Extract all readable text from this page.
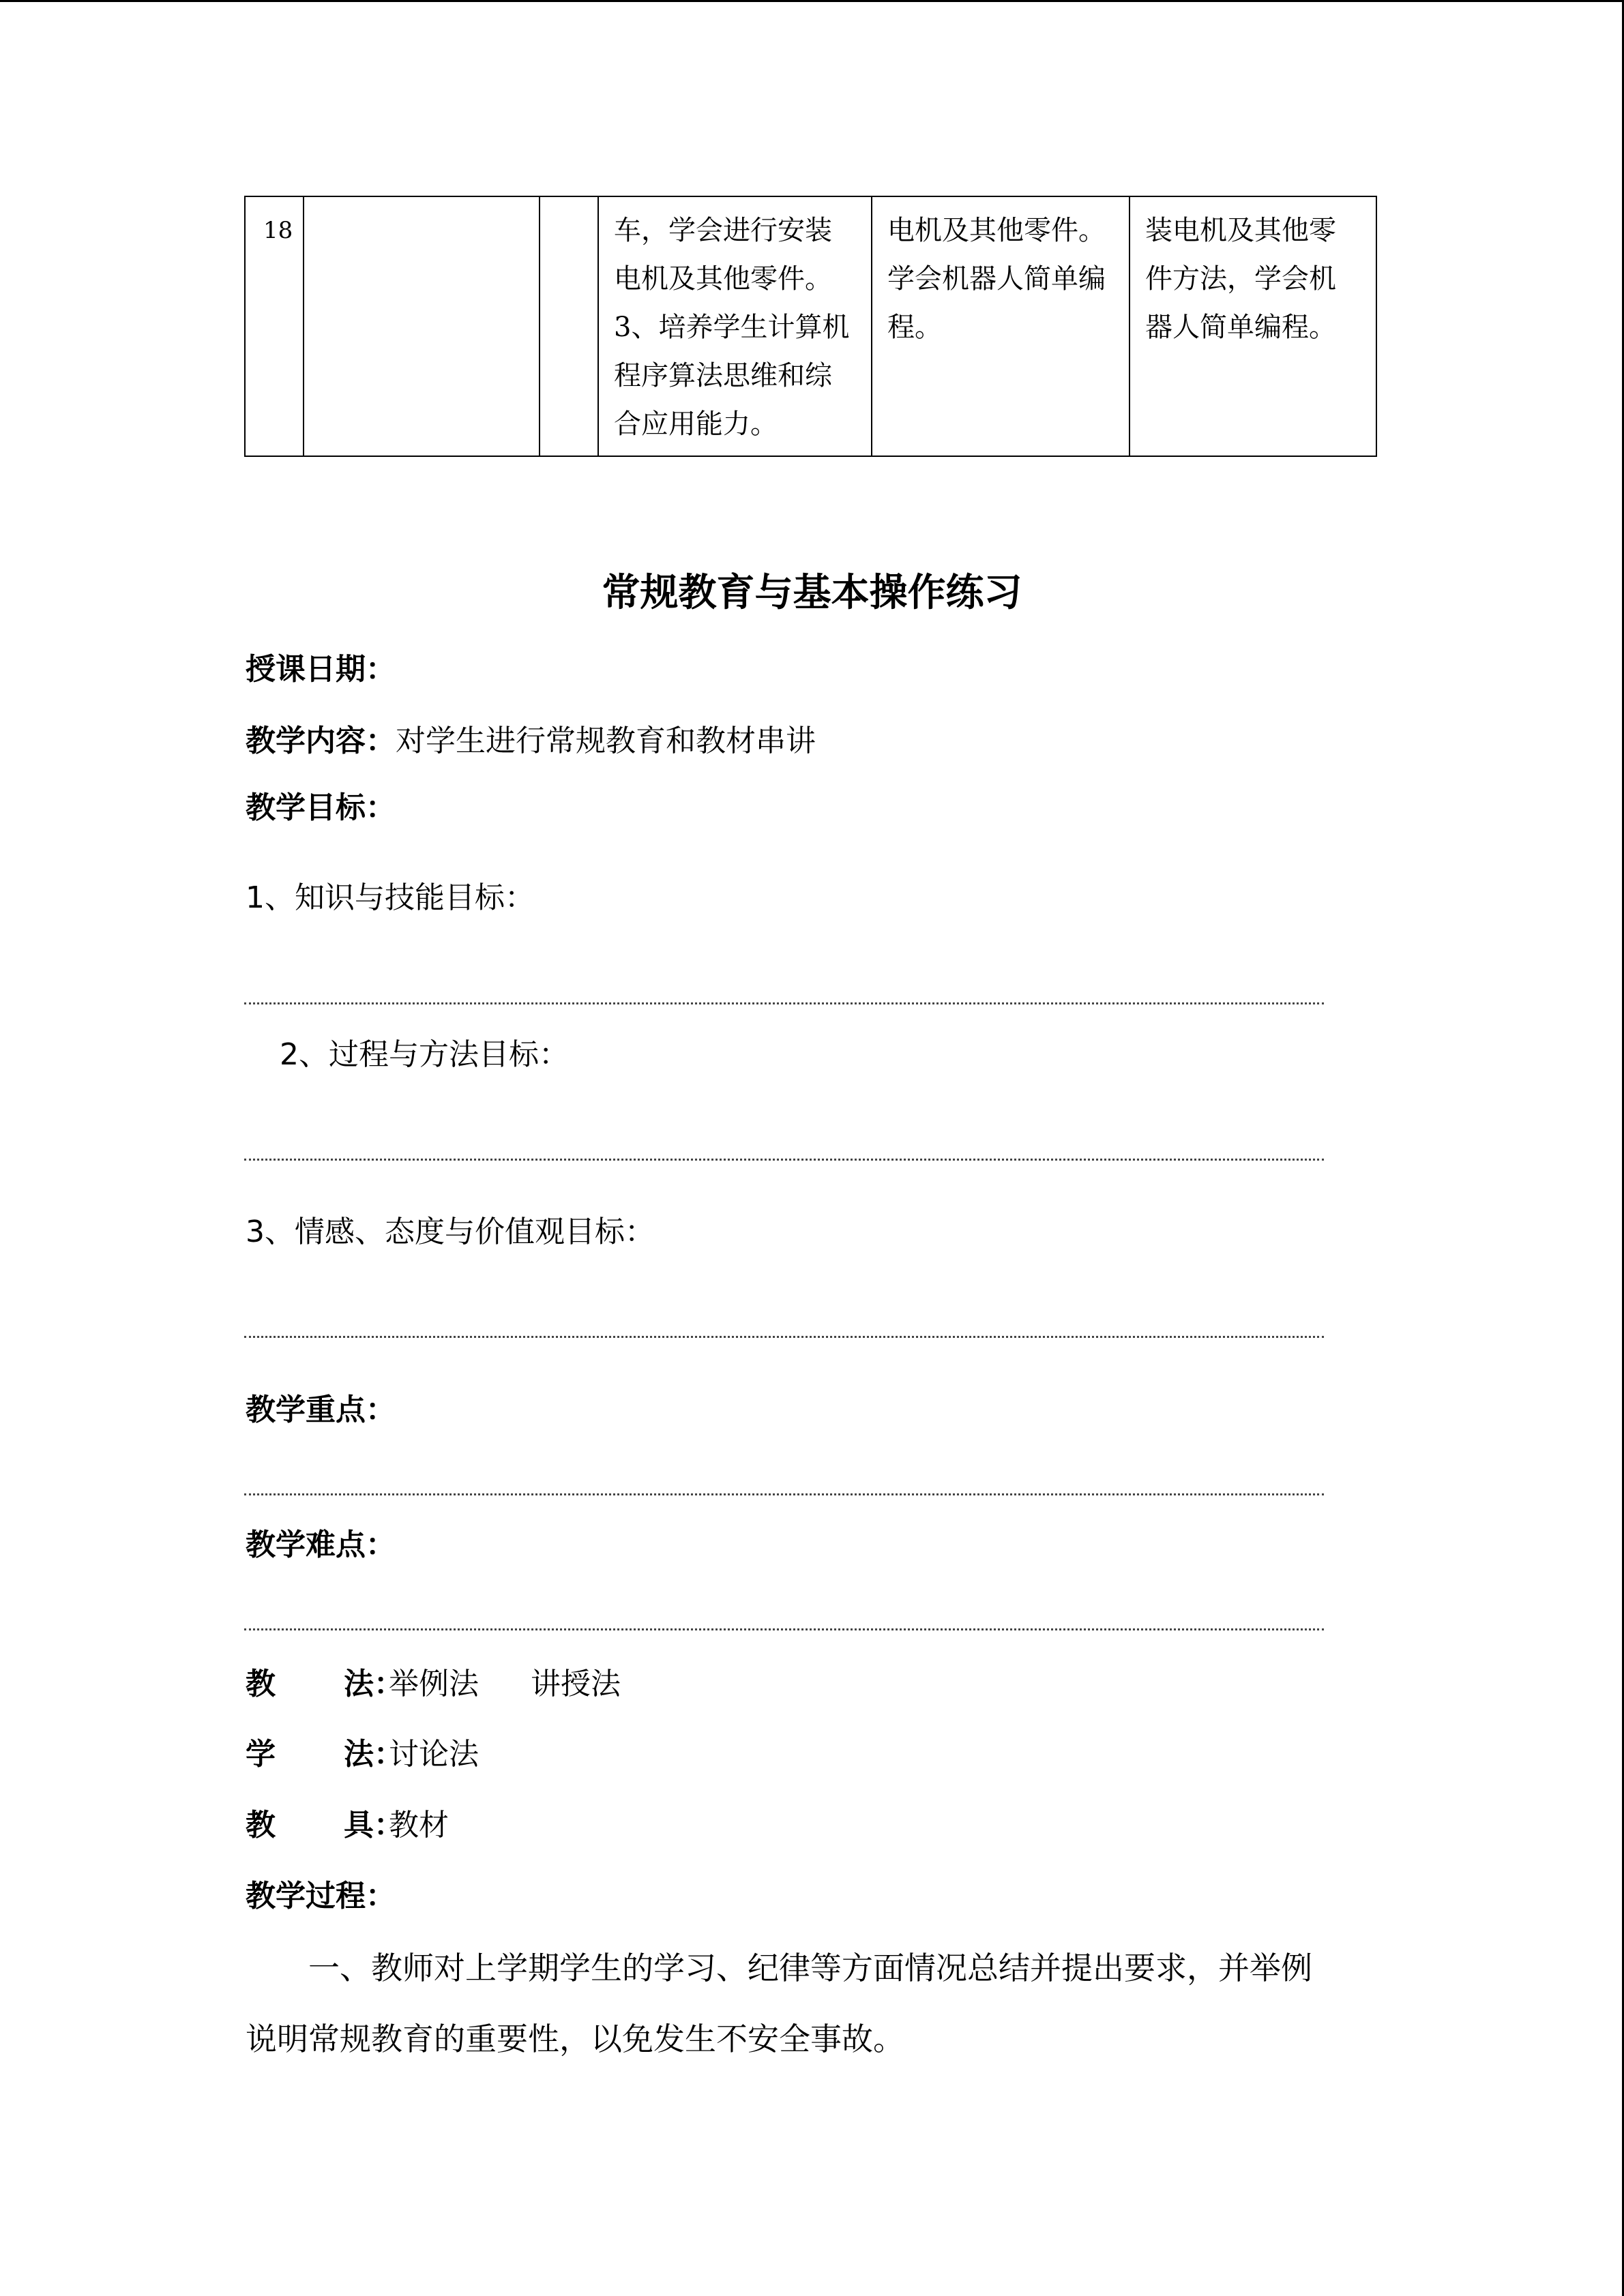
18			车，学会进行安装
电机及其他零件。
3、培养学生计算机
程序算法思维和综
合应用能力。

电机及其他零件。
学会机器人简单编
程。

装电机及其他零
件方法，学会机
器人简单编程。
常规教育与基本操作练习
授课日期：
教学内容：对学生进行常规教育和教材串讲
教学目标：
1、知识与技能目标：
2、过程与方法目标：
3、情感、态度与价值观目标：
教学重点：
教学难点：
教 法：举例法 讲授法
学 法：讨论法
教 具：教材
教学过程：
一、教师对上学期学生的学习、纪律等方面情况总结并提出要求，并举例
说明常规教育的重要性，以免发生不安全事故。
